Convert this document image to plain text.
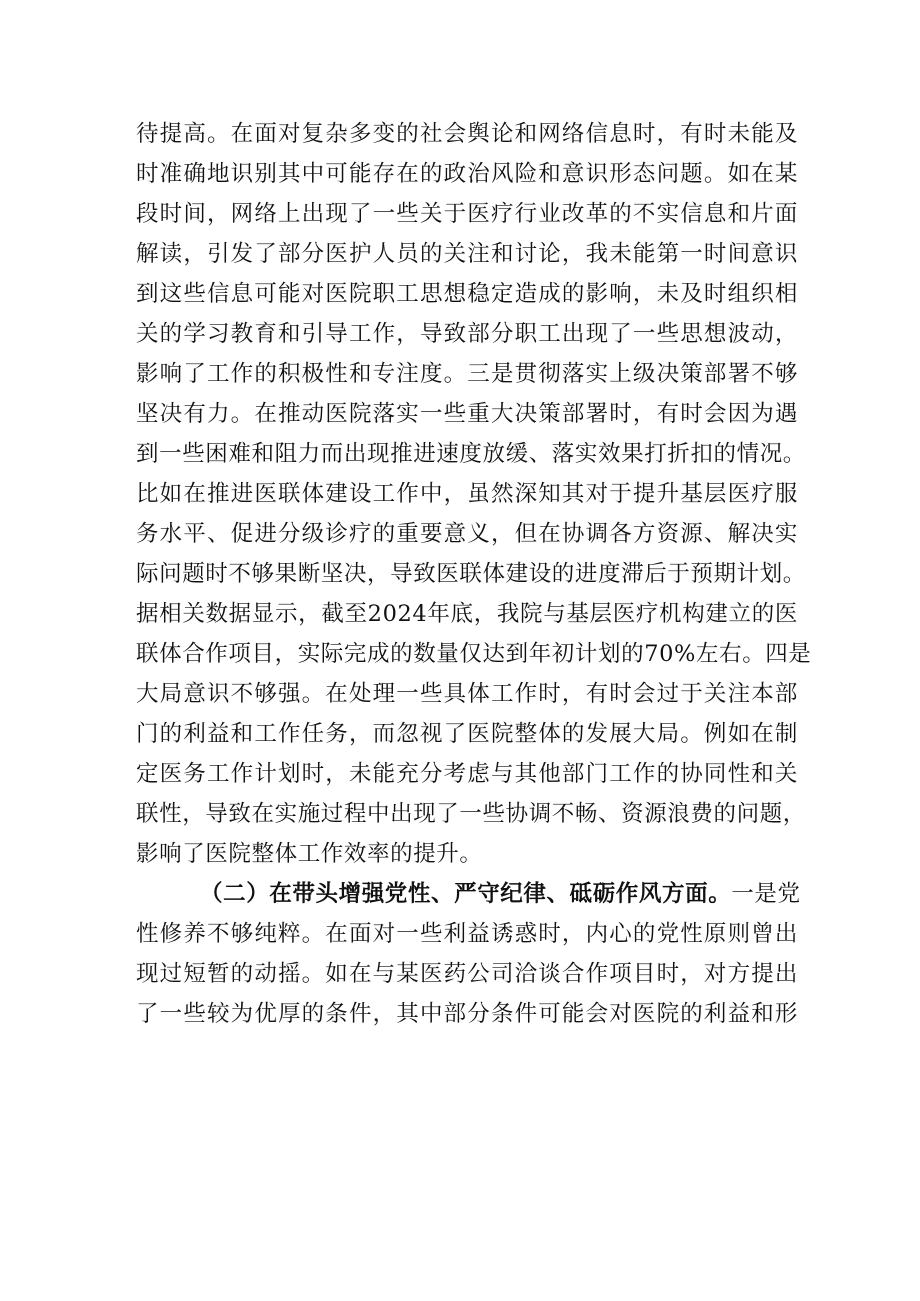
待提高。在面对复杂多变的社会舆论和网络信息时，有时未能及
时准确地识别其中可能存在的政治风险和意识形态问题。如在某
段时间，网络上出现了一些关于医疗行业改革的不实信息和片面
解读，引发了部分医护人员的关注和讨论，我未能第一时间意识
到这些信息可能对医院职工思想稳定造成的影响，未及时组织相
关的学习教育和引导工作，导致部分职工出现了一些思想波动，
影响了工作的积极性和专注度。三是贯彻落实上级决策部署不够
坚决有力。在推动医院落实一些重大决策部署时，有时会因为遇
到一些困难和阻力而出现推进速度放缓、落实效果打折扣的情况。
比如在推进医联体建设工作中，虽然深知其对于提升基层医疗服
务水平、促进分级诊疗的重要意义，但在协调各方资源、解决实
际问题时不够果断坚决，导致医联体建设的进度滞后于预期计划。
据相关数据显示，截至2024年底，我院与基层医疗机构建立的医
联体合作项目，实际完成的数量仅达到年初计划的70%左右。四是
大局意识不够强。在处理一些具体工作时，有时会过于关注本部
门的利益和工作任务，而忽视了医院整体的发展大局。例如在制
定医务工作计划时，未能充分考虑与其他部门工作的协同性和关
联性，导致在实施过程中出现了一些协调不畅、资源浪费的问题，
影响了医院整体工作效率的提升。
（二）在带头增强党性、严守纪律、砥砺作风方面。一是党
性修养不够纯粹。在面对一些利益诱惑时，内心的党性原则曾出
现过短暂的动摇。如在与某医药公司洽谈合作项目时，对方提出
了一些较为优厚的条件，其中部分条件可能会对医院的利益和形
